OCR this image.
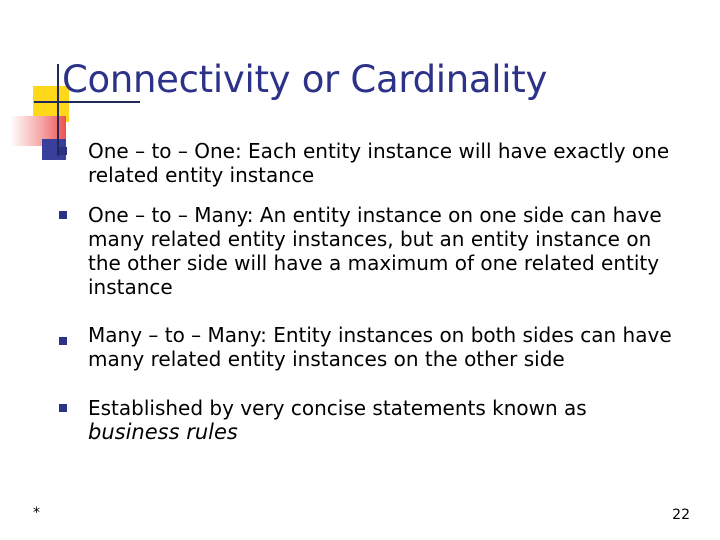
Connectivity or Cardinality
One – to – One: Each entity instance will have exactly one related entity instance
One – to – Many: An entity instance on one side can have many related entity instances, but an entity instance on the other side will have a maximum of one related entity instance
Many – to – Many: Entity instances on both sides can have many related entity instances on the other side
Established by very concise statements known as
business rules
*	22
